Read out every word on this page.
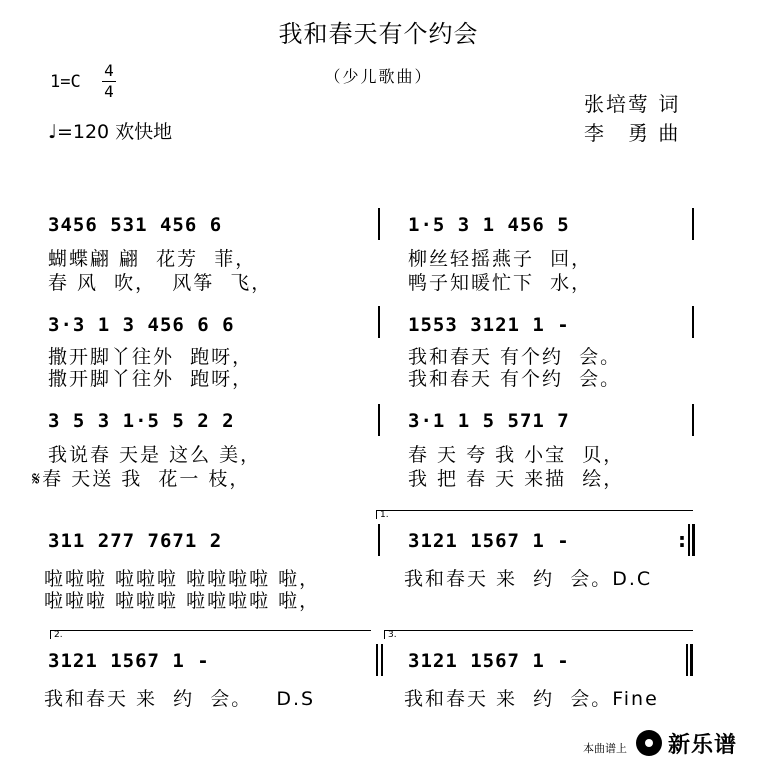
我和春天有个约会
（少儿歌曲）
1=C
4
4
♩=120 欢快地
张培莺 词
李　勇 曲
3456 531 456 6	1·5 3 1 456 5
蝴蝶翩 翩  花芳  菲，
春 风  吹，  风筝  飞，
柳丝轻摇燕子  回，
鸭子知暖忙下  水，
3·3 1 3 456 6 6	1553 3121 1 -
撒开脚丫往外  跑呀，
撒开脚丫往外  跑呀，
我和春天 有个约  会。
我和春天 有个约  会。
3 5 3 1·5 5 2 2	3·1 1 5 571 7
我说春 天是 这么 美，
𝄋春 天送 我  花一 枝，
春 天 夸 我 小宝  贝，
我 把 春 天 来描  绘，
1.
311 277 7671 2	3121 1567 1 -
啦啦啦 啦啦啦 啦啦啦啦 啦，
啦啦啦 啦啦啦 啦啦啦啦 啦，
我和春天 来  约  会。D.C
:
2.	3.
3121 1567 1 -	3121 1567 1 -
我和春天 来  约  会。   D.S	我和春天 来  约  会。Fine
本曲谱上 新乐谱
